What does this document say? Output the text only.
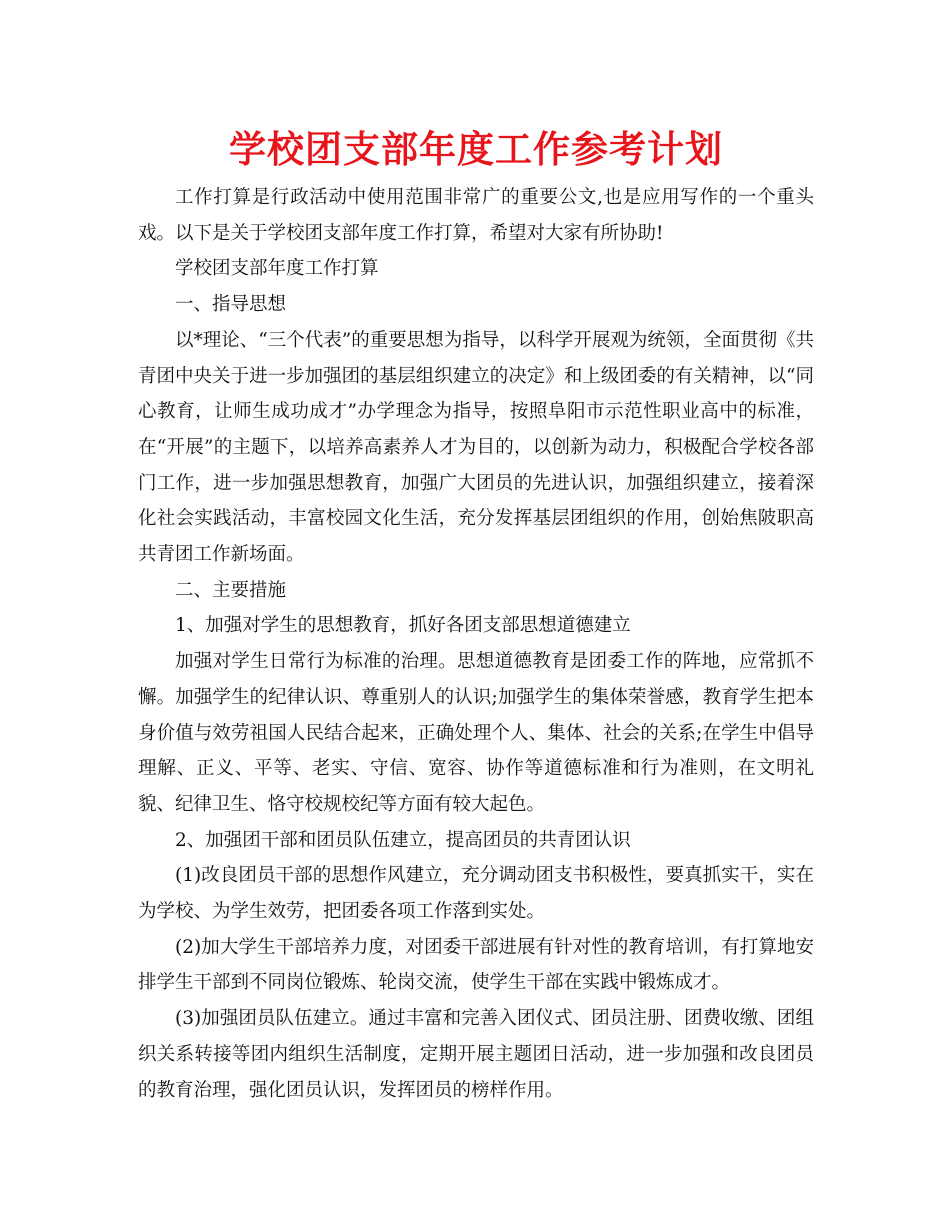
学校团支部年度工作参考计划

工作打算是行政活动中使用范围非常广的重要公文,也是应用写作的一个重头戏。以下是关于学校团支部年度工作打算，希望对大家有所协助!

学校团支部年度工作打算

一、指导思想

以*理论、“三个代表”的重要思想为指导，以科学开展观为统领，全面贯彻《共青团中央关于进一步加强团的基层组织建立的决定》和上级团委的有关精神，以“同心教育，让师生成功成才”办学理念为指导，按照阜阳市示范性职业高中的标准，在“开展”的主题下，以培养高素养人才为目的，以创新为动力，积极配合学校各部门工作，进一步加强思想教育，加强广大团员的先进认识，加强组织建立，接着深化社会实践活动，丰富校园文化生活，充分发挥基层团组织的作用，创始焦陂职高共青团工作新场面。

二、主要措施

1、加强对学生的思想教育，抓好各团支部思想道德建立

加强对学生日常行为标准的治理。思想道德教育是团委工作的阵地，应常抓不懈。加强学生的纪律认识、尊重别人的认识;加强学生的集体荣誉感，教育学生把本身价值与效劳祖国人民结合起来，正确处理个人、集体、社会的关系;在学生中倡导理解、正义、平等、老实、守信、宽容、协作等道德标准和行为准则，在文明礼貌、纪律卫生、恪守校规校纪等方面有较大起色。

2、加强团干部和团员队伍建立，提高团员的共青团认识

(1)改良团员干部的思想作风建立，充分调动团支书积极性，要真抓实干，实在为学校、为学生效劳，把团委各项工作落到实处。

(2)加大学生干部培养力度，对团委干部进展有针对性的教育培训，有打算地安排学生干部到不同岗位锻炼、轮岗交流，使学生干部在实践中锻炼成才。

(3)加强团员队伍建立。通过丰富和完善入团仪式、团员注册、团费收缴、团组织关系转接等团内组织生活制度，定期开展主题团日活动，进一步加强和改良团员的教育治理，强化团员认识，发挥团员的榜样作用。
